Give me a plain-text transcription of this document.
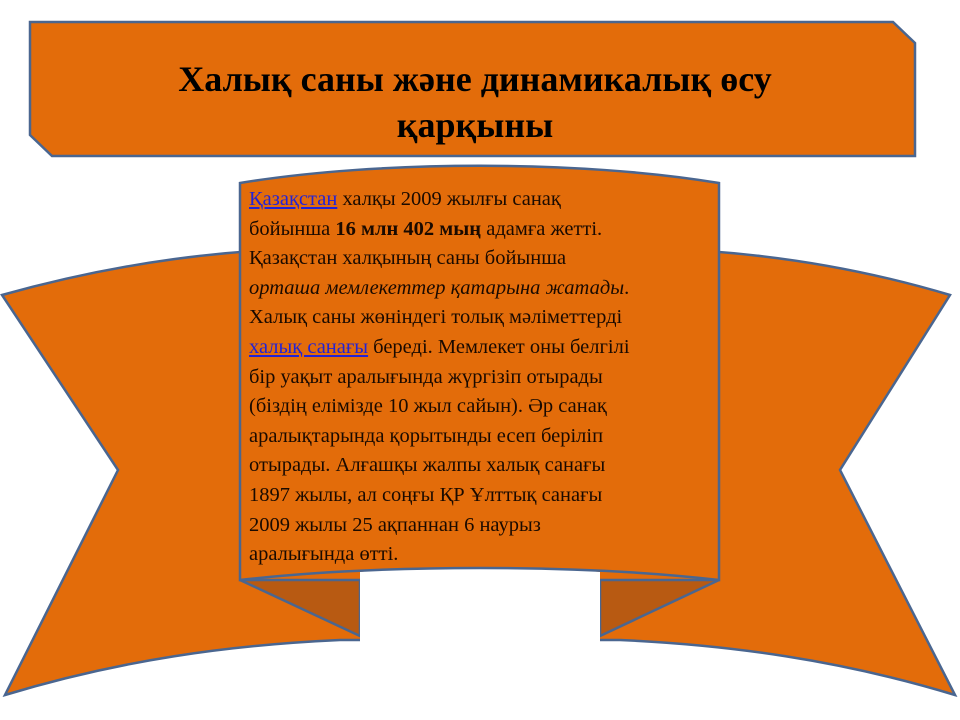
Халық саны және динамикалық өсу
қарқыны
Қазақстан халқы 2009 жылғы санақ
бойынша 16 млн 402 мың адамға жетті.
Қазақстан халқының саны бойынша
орташа мемлекеттер қатарына жатады.
Халық саны жөніндегі толық мәліметтерді
халық санағы береді. Мемлекет оны белгілі
бір уақыт аралығында жүргізіп отырады
(біздің елімізде 10 жыл сайын). Әр санақ
аралықтарында қорытынды есеп беріліп
отырады. Алғашқы жалпы халық санағы
1897 жылы, ал соңғы ҚР Ұлттық санағы
2009 жылы 25 ақпаннан 6 наурыз
аралығында өтті.
